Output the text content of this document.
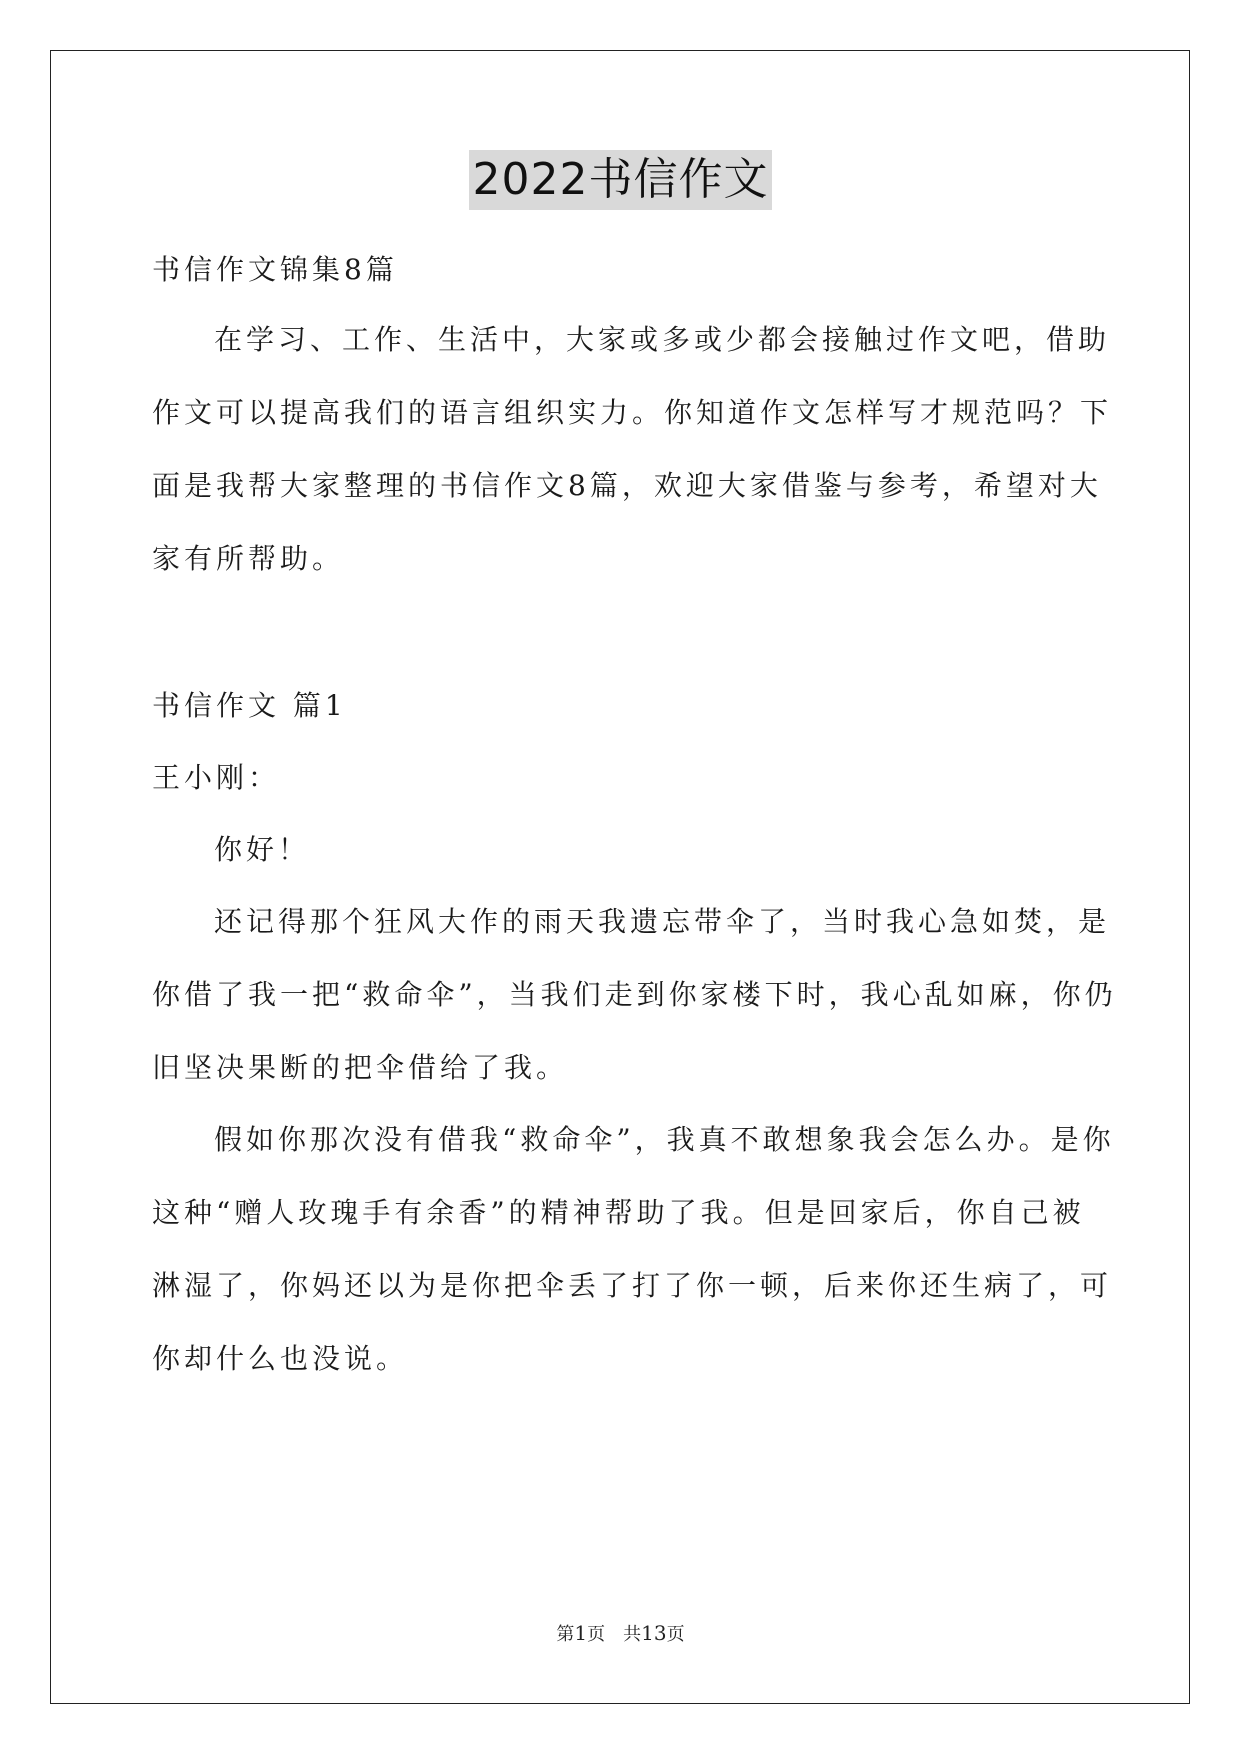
2022书信作文
书信作文锦集8篇
在学习、工作、生活中，大家或多或少都会接触过作文吧，借助
作文可以提高我们的语言组织实力。你知道作文怎样写才规范吗？下
面是我帮大家整理的书信作文8篇，欢迎大家借鉴与参考，希望对大
家有所帮助。
书信作文 篇1
王小刚：
你好！
还记得那个狂风大作的雨天我遗忘带伞了，当时我心急如焚，是
你借了我一把“救命伞”，当我们走到你家楼下时，我心乱如麻，你仍
旧坚决果断的把伞借给了我。
假如你那次没有借我“救命伞”，我真不敢想象我会怎么办。是你
这种“赠人玫瑰手有余香”的精神帮助了我。但是回家后，你自己被
淋湿了，你妈还以为是你把伞丢了打了你一顿，后来你还生病了，可
你却什么也没说。
第1页 共13页
